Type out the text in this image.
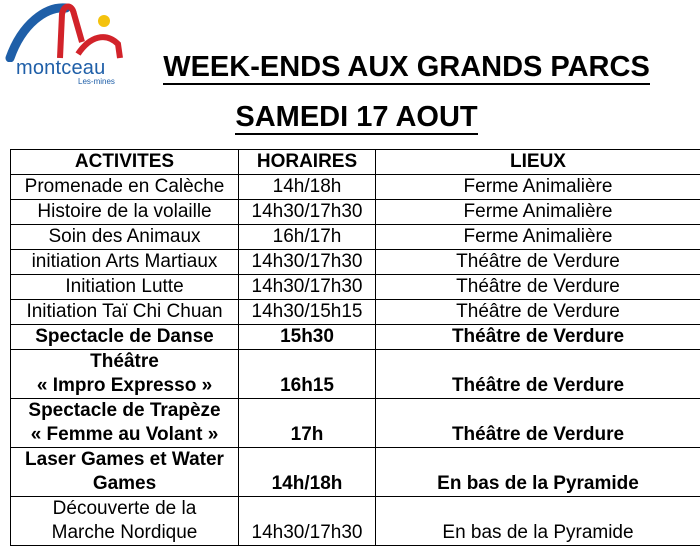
montceau
Les-mines	WEEK-ENDS AUX GRANDS PARCS
SAMEDI 17 AOUT
ACTIVITES	HORAIRES	LIEUX

Promenade en Calèche	14h/18h	Ferme Animalière

Histoire de la volaille	14h30/17h30	Ferme Animalière

Soin des Animaux	16h/17h	Ferme Animalière

initiation Arts Martiaux	14h30/17h30	Théâtre de Verdure

Initiation Lutte	14h30/17h30	Théâtre de Verdure

Initiation Taï Chi Chuan	14h30/15h15	Théâtre de Verdure

Spectacle de Danse	15h30	Théâtre de Verdure

Théâtre
« Impro Expresso »	16h15	Théâtre de Verdure

Spectacle de Trapèze
« Femme au Volant »	17h	Théâtre de Verdure

Laser Games et Water
Games	14h/18h	En bas de la Pyramide

Découverte de la
Marche Nordique	14h30/17h30	En bas de la Pyramide
